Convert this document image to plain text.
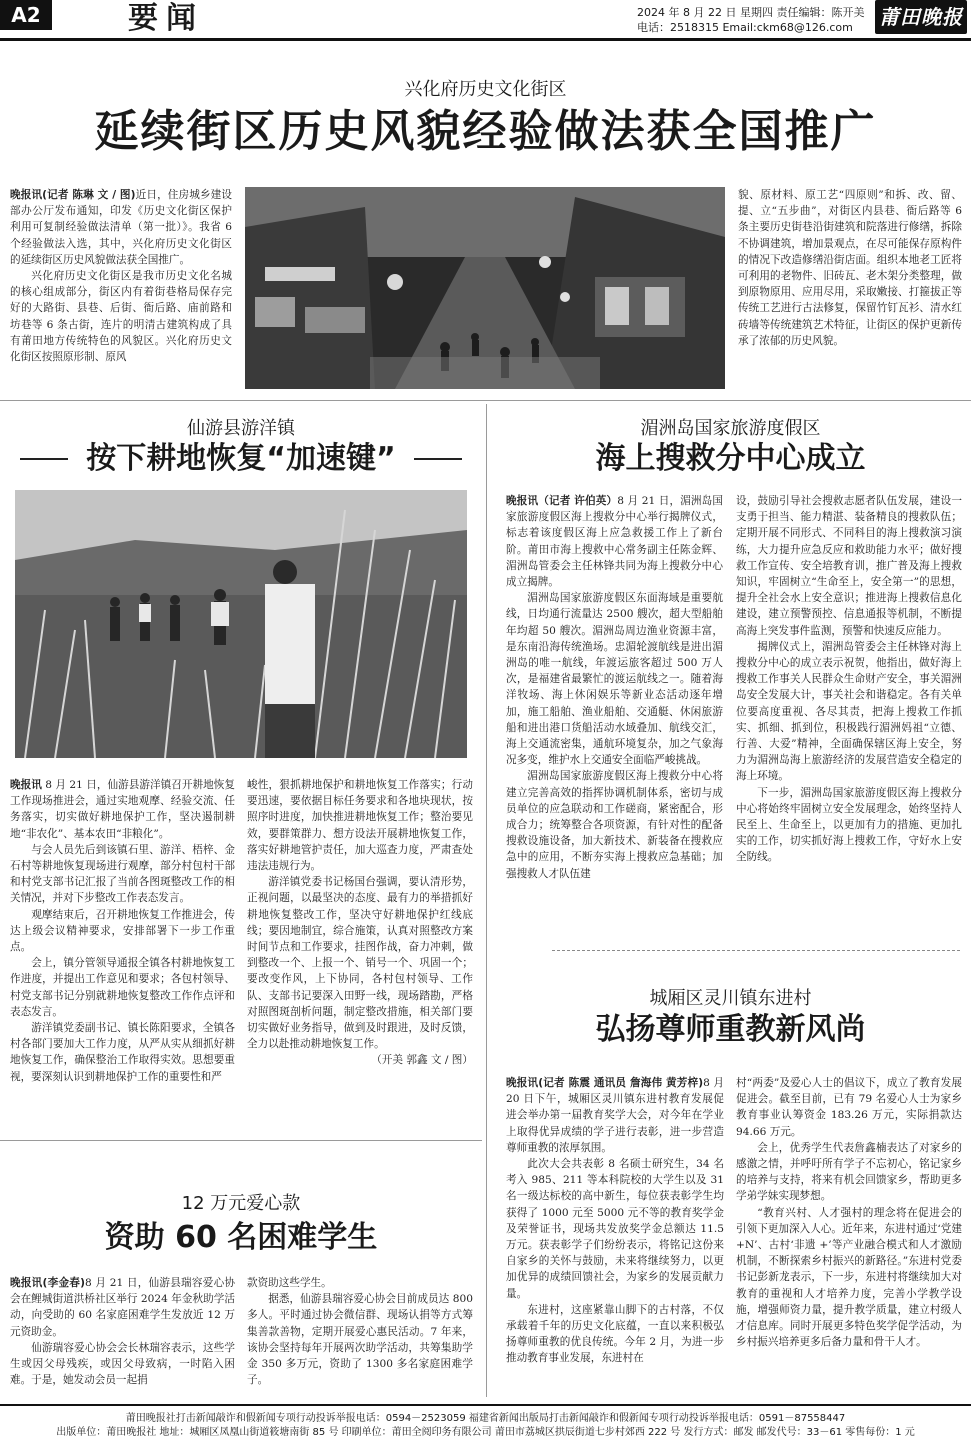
A2	要闻	2024 年 8 月 22 日 星期四 责任编辑：陈开美
电话：2518315 Email:ckm68@126.com 莆田晚报
兴化府历史文化街区
延续街区历史风貌经验做法获全国推广

晚报讯(记者 陈琳 文 / 图)近日，住房城乡建设部办公厅发布通知，印发《历史文化街区保护利用可复制经验做法清单（第一批）》。我省 6 个经验做法入选，其中，兴化府历史文化街区的延续街区历史风貌做法获全国推广。

兴化府历史文化街区是我市历史文化名城的核心组成部分，街区内有着街巷格局保存完好的大路街、县巷、后街、衙后路、庙前路和坊巷等 6 条古街，连片的明清古建筑构成了具有莆田地方传统特色的风貌区。兴化府历史文化街区按照原形制、原风

貌、原材料、原工艺“四原则”和拆、改、留、提、立“五步曲”，对街区内县巷、衙后路等 6 条主要历史街巷沿街建筑和院落进行修缮，拆除不协调建筑，增加景观点，在尽可能保存原构件的情况下改造修缮沿街店面。组织本地老工匠将可利用的老物件、旧砖瓦、老木架分类整理，做到原物原用、应用尽用，采取嫩接、打箍拔正等传统工艺进行古法修复，保留竹钉瓦衫、清水红砖墙等传统建筑艺术特征，让街区的保护更新传承了浓郁的历史风貌。

仙游县游洋镇
按下耕地恢复“加速键”

晚报讯 8 月 21 日，仙游县游洋镇召开耕地恢复工作现场推进会，通过实地观摩、经验交流、任务落实，切实做好耕地保护工作，坚决遏制耕地“非农化”、基本农田“非粮化”。

与会人员先后到该镇石里、游洋、梧梓、金石村等耕地恢复现场进行观摩，部分村包村干部和村党支部书记汇报了当前各图斑整改工作的相关情况，并对下步整改工作表态发言。

观摩结束后，召开耕地恢复工作推进会，传达上级会议精神要求，安排部署下一步工作重点。

会上，镇分管领导通报全镇各村耕地恢复工作进度，并提出工作意见和要求；各包村领导、村党支部书记分别就耕地恢复整改工作作点评和表态发言。

游洋镇党委副书记、镇长陈阳要求，全镇各村各部门要加大工作力度，从严从实从细抓好耕地恢复工作，确保整治工作取得实效。思想要重视，要深刻认识到耕地保护工作的重要性和严

峻性，狠抓耕地保护和耕地恢复工作落实；行动要迅速，要依据目标任务要求和各地块现状，按照序时进度，加快推进耕地恢复工作；整治要见效，要群策群力、想方设法开展耕地恢复工作，落实好耕地管护责任，加大巡查力度，严肃查处违法违规行为。

游洋镇党委书记杨国台强调，要认清形势，正视问题，以最坚决的态度、最有力的举措抓好耕地恢复整改工作，坚决守好耕地保护红线底线；要因地制宜，综合施策，认真对照整改方案时间节点和工作要求，挂图作战，奋力冲刺，做到整改一个、上报一个、销号一个、巩固一个；要改变作风，上下协同，各村包村领导、工作队、支部书记要深入田野一线，现场踏勘，严格对照图斑剖析问题，制定整改措施，相关部门要切实做好业务指导，做到及时跟进，及时反馈，全力以赴推动耕地恢复工作。

（开美 郭鑫 文 / 图）

12 万元爱心款
资助 60 名困难学生

晚报讯(李金春)8 月 21 日，仙游县瑞容爱心协会在鲤城街道洪桥社区举行 2024 年金秋助学活动，向受助的 60 名家庭困难学生发放近 12 万元资助金。

仙游瑞容爱心协会会长林瑞容表示，这些学生或因父母残疾，或因父母致病，一时陷入困难。于是，她发动会员一起捐

款资助这些学生。

据悉，仙游县瑞容爱心协会目前成员达 800 多人。平时通过协会微信群、现场认捐等方式筹集善款善物，定期开展爱心惠民活动。7 年来，该协会坚持每年开展两次助学活动，共筹集助学金 350 多万元，资助了 1300 多名家庭困难学子。

湄洲岛国家旅游度假区
海上搜救分中心成立

晚报讯（记者 许伯英）8 月 21 日，湄洲岛国家旅游度假区海上搜救分中心举行揭牌仪式，标志着该度假区海上应急救援工作上了新台阶。莆田市海上搜救中心常务副主任陈金辉、湄洲岛管委会主任林锋共同为海上搜救分中心成立揭牌。

湄洲岛国家旅游度假区东面海域是重要航线，日均通行流量达 2500 艘次，超大型船舶年均超 50 艘次。湄洲岛周边渔业资源丰富，是东南沿海传统渔场。忠湄轮渡航线是进出湄洲岛的唯一航线，年渡运旅客超过 500 万人次，是福建省最繁忙的渡运航线之一。随着海洋牧场、海上休闲娱乐等新业态活动逐年增加，施工船舶、渔业船舶、交通艇、休闲旅游船和进出港口货船活动水域叠加、航线交汇，海上交通流密集，通航环境复杂，加之气象海况多变，维护水上交通安全面临严峻挑战。

湄洲岛国家旅游度假区海上搜救分中心将建立完善高效的指挥协调机制体系，密切与成员单位的应急联动和工作磋商，紧密配合，形成合力；统筹整合各项资源，有针对性的配备搜救设施设备，加大新技术、新装备在搜救应急中的应用，不断夯实海上搜救应急基础；加强搜救人才队伍建

设，鼓励引导社会搜救志愿者队伍发展，建设一支勇于担当、能力精湛、装备精良的搜救队伍；定期开展不同形式、不同科目的海上搜救演习演练，大力提升应急反应和救助能力水平；做好搜救工作宣传、安全培教育训，推广普及海上搜救知识，牢固树立“生命至上，安全第一”的思想，提升全社会水上安全意识；推进海上搜救信息化建设，建立预警预控、信息通报等机制，不断提高海上突发事件监测，预警和快速反应能力。

揭牌仪式上，湄洲岛管委会主任林锋对海上搜救分中心的成立表示祝贺，他指出，做好海上搜救工作事关人民群众生命财产安全，事关湄洲岛安全发展大计，事关社会和谐稳定。各有关单位要高度重视、各尽其责，把海上搜救工作抓实、抓细、抓到位，积极践行湄洲妈祖“立德、行善、大爱”精神，全面确保辖区海上安全，努力为湄洲岛海上旅游经济的发展营造安全稳定的海上环境。

下一步，湄洲岛国家旅游度假区海上搜救分中心将始终牢固树立安全发展理念，始终坚持人民至上、生命至上，以更加有力的措施、更加扎实的工作，切实抓好海上搜救工作，守好水上安全防线。

城厢区灵川镇东进村
弘扬尊师重教新风尚

晚报讯(记者 陈震 通讯员 詹海伟 黄芳梓)8 月 20 日下午，城厢区灵川镇东进村教育发展促进会举办第一届教育奖学大会，对今年在学业上取得优异成绩的学子进行表彰，进一步营造尊师重教的浓厚氛围。

此次大会共表彰 8 名硕士研究生，34 名考入 985、211 等本科院校的大学生以及 31 名一级达标校的高中新生，每位获表彰学生均获得了 1000 元至 5000 元不等的教育奖学金及荣誉证书，现场共发放奖学金总额达 11.5 万元。获表彰学子们纷纷表示，将铭记这份来自家乡的关怀与鼓励，未来将继续努力，以更加优异的成绩回馈社会，为家乡的发展贡献力量。

东进村，这座紧靠山脚下的古村落，不仅承载着千年的历史文化底蕴，一直以来积极弘扬尊师重教的优良传统。今年 2 月，为进一步推动教育事业发展，东进村在

村“两委”及爱心人士的倡议下，成立了教育发展促进会。截至目前，已有 79 名爱心人士为家乡教育事业认筹资金 183.26 万元，实际捐款达 94.66 万元。

会上，优秀学生代表詹鑫楠表达了对家乡的感激之情，并呼吁所有学子不忘初心，铭记家乡的培养与支持，将来有机会回馈家乡，帮助更多学弟学妹实现梦想。

“教育兴村、人才强村的理念将在促进会的引领下更加深入人心。近年来，东进村通过‘党建 +N’、古村‘非遗 +’等产业融合模式和人才激励机制，不断探索乡村振兴的新路径。”东进村党委书记彭新龙表示，下一步，东进村将继续加大对教育的重视和人才培养力度，完善小学教学设施，增强师资力量，提升教学质量，建立村级人才信息库。同时开展更多特色奖学促学活动，为乡村振兴培养更多后备力量和骨干人才。

莆田晚报社打击新闻敲诈和假新闻专项行动投诉举报电话：0594－2523059 福建省新闻出版局打击新闻敲诈和假新闻专项行动投诉举报电话：0591－87558447
出版单位：莆田晚报社 地址：城厢区凤凰山街道筱塘南街 85 号 印刷单位：莆田全阅印务有限公司 莆田市荔城区拱辰街道七步村郊西 222 号 发行方式：邮发 邮发代号：33－61 零售每份：1 元
